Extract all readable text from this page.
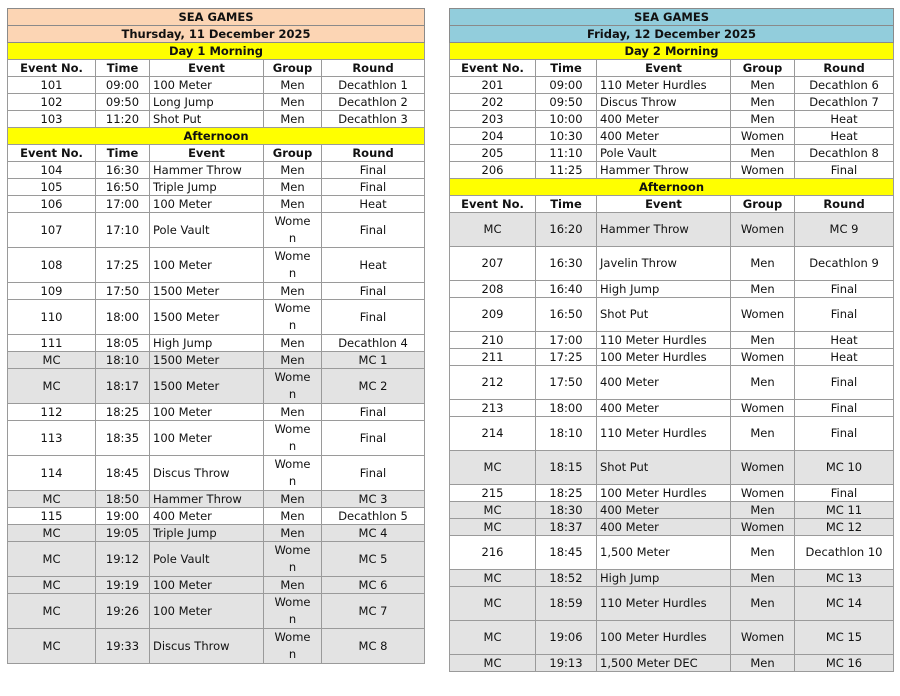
SEA GAMES				
Thursday, 11 December 2025				
Day 1 Morning				
Event No.	Time	Event	Group	Round
101	09:00	100 Meter	Men	Decathlon 1
102	09:50	Long Jump	Men	Decathlon 2
103	11:20	Shot Put	Men	Decathlon 3
Afternoon				
Event No.	Time	Event	Group	Round
104	16:30	Hammer Throw	Men	Final
105	16:50	Triple Jump	Men	Final
106	17:00	100 Meter	Men	Heat
107	17:10	Pole Vault	Women	Final
108	17:25	100 Meter	Women	Heat
109	17:50	1500 Meter	Men	Final
110	18:00	1500 Meter	Women	Final
111	18:05	High Jump	Men	Decathlon 4
MC	18:10	1500 Meter	Men	MC 1
MC	18:17	1500 Meter	Women	MC 2
112	18:25	100 Meter	Men	Final
113	18:35	100 Meter	Women	Final
114	18:45	Discus Throw	Women	Final
MC	18:50	Hammer Throw	Men	MC 3
115	19:00	400 Meter	Men	Decathlon 5
MC	19:05	Triple Jump	Men	MC 4
MC	19:12	Pole Vault	Women	MC 5
MC	19:19	100 Meter	Men	MC 6
MC	19:26	100 Meter	Women	MC 7
MC	19:33	Discus Throw	Women	MC 8
SEA GAMES				
Friday, 12 December 2025				
Day 2 Morning				
Event No.	Time	Event	Group	Round
201	09:00	110 Meter Hurdles	Men	Decathlon 6
202	09:50	Discus Throw	Men	Decathlon 7
203	10:00	400 Meter	Men	Heat
204	10:30	400 Meter	Women	Heat
205	11:10	Pole Vault	Men	Decathlon 8
206	11:25	Hammer Throw	Women	Final
Afternoon				
Event No.	Time	Event	Group	Round
MC	16:20	Hammer Throw	Women	MC 9
207	16:30	Javelin Throw	Men	Decathlon 9
208	16:40	High Jump	Men	Final
209	16:50	Shot Put	Women	Final
210	17:00	110 Meter Hurdles	Men	Heat
211	17:25	100 Meter Hurdles	Women	Heat
212	17:50	400 Meter	Men	Final
213	18:00	400 Meter	Women	Final
214	18:10	110 Meter Hurdles	Men	Final
MC	18:15	Shot Put	Women	MC 10
215	18:25	100 Meter Hurdles	Women	Final
MC	18:30	400 Meter	Men	MC 11
MC	18:37	400 Meter	Women	MC 12
216	18:45	1,500 Meter	Men	Decathlon 10
MC	18:52	High Jump	Men	MC 13
MC	18:59	110 Meter Hurdles	Men	MC 14
MC	19:06	100 Meter Hurdles	Women	MC 15
MC	19:13	1,500 Meter DEC	Men	MC 16
